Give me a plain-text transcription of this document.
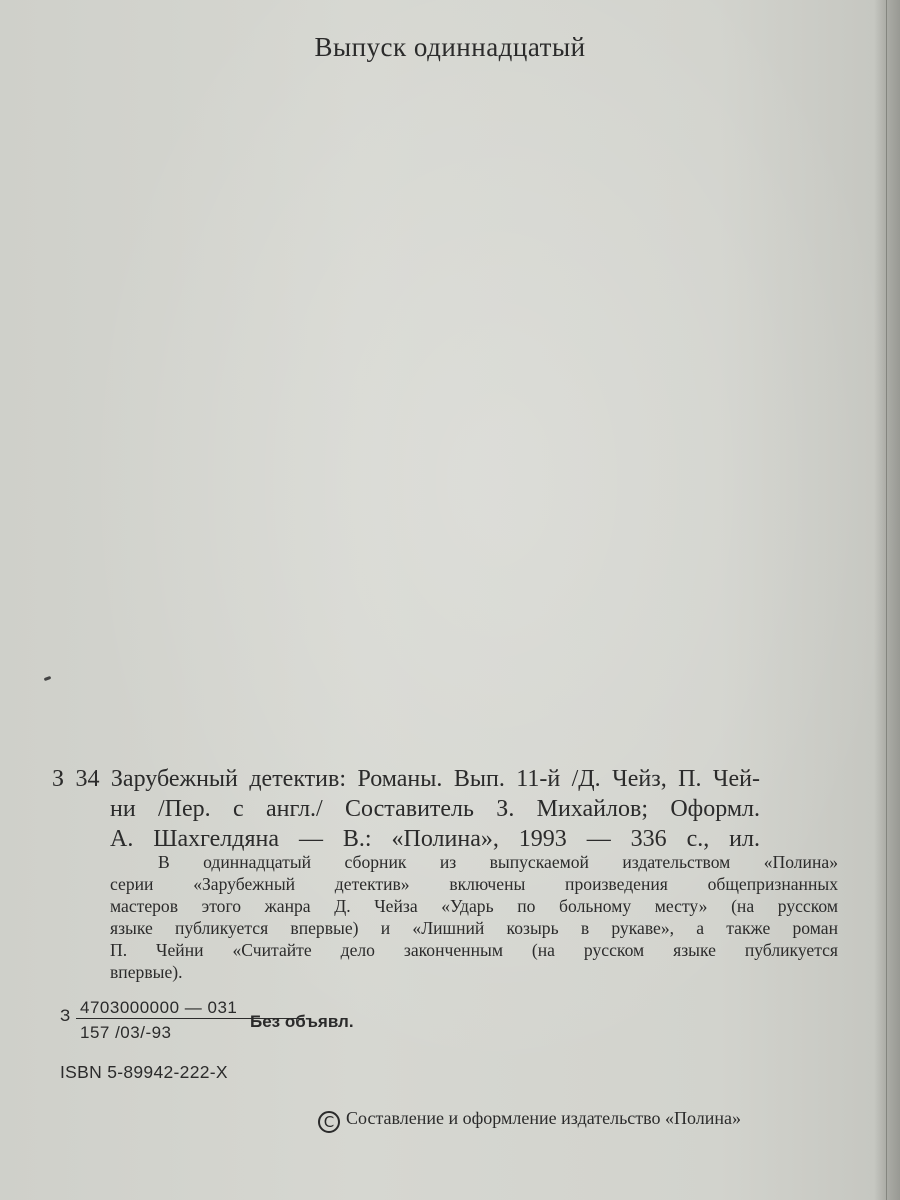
Выпуск одиннадцатый
З 34 Зарубежный детектив: Романы. Вып. 11-й /Д. Чейз, П. Чей-
ни /Пер. с англ./ Составитель З. Михайлов; Оформл.
А. Шахгелдяна — В.: «Полина», 1993 — 336 с., ил.
В одиннадцатый сборник из выпускаемой издательством «Полина»
серии «Зарубежный детектив» включены произведения общепризнанных
мастеров этого жанра Д. Чейза «Ударь по больному месту» (на русском
языке публикуется впервые) и «Лишний козырь в рукаве», а также роман
П. Чейни «Считайте дело законченным (на русском языке публикуется
впервые).
З $\frac{4703000000 — 031}{157 /03/-93}$
Без объявл.
ISBN 5-89942-222-X
C Составление и оформление издательство «Полина»
